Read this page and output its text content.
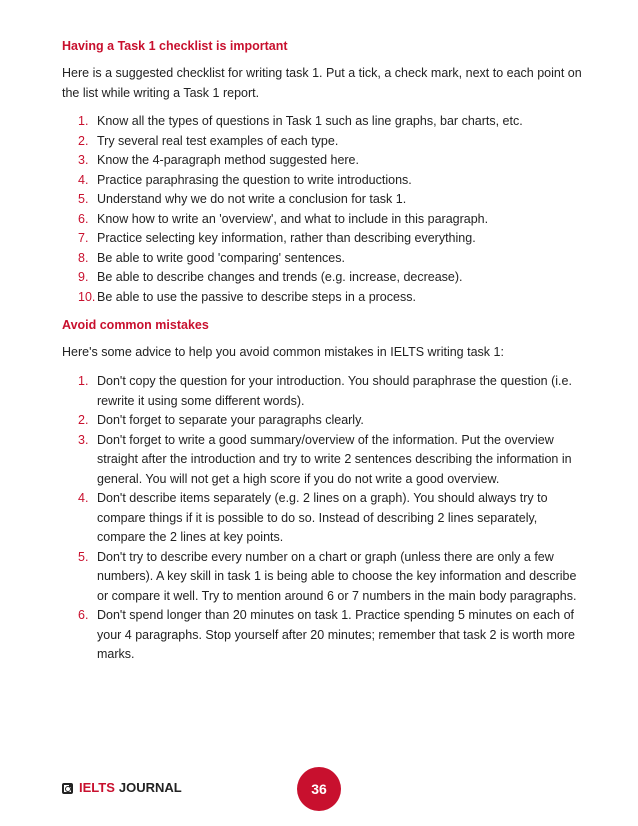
Having a Task 1 checklist is important

Here is a suggested checklist for writing task 1. Put a tick, a check mark, next to each point on the list while writing a Task 1 report.

1. Know all the types of questions in Task 1 such as line graphs, bar charts, etc.
2. Try several real test examples of each type.
3. Know the 4-paragraph method suggested here.
4. Practice paraphrasing the question to write introductions.
5. Understand why we do not write a conclusion for task 1.
6. Know how to write an 'overview', and what to include in this paragraph.
7. Practice selecting key information, rather than describing everything.
8. Be able to write good 'comparing' sentences.
9. Be able to describe changes and trends (e.g. increase, decrease).
10. Be able to use the passive to describe steps in a process.
Avoid common mistakes

Here's some advice to help you avoid common mistakes in IELTS writing task 1:

1. Don't copy the question for your introduction. You should paraphrase the question (i.e. rewrite it using some different words).
2. Don't forget to separate your paragraphs clearly.
3. Don't forget to write a good summary/overview of the information. Put the overview straight after the introduction and try to write 2 sentences describing the information in general. You will not get a high score if you do not write a good overview.
4. Don't describe items separately (e.g. 2 lines on a graph). You should always try to compare things if it is possible to do so. Instead of describing 2 lines separately, compare the 2 lines at key points.
5. Don't try to describe every number on a chart or graph (unless there are only a few numbers). A key skill in task 1 is being able to choose the key information and describe or compare it well. Try to mention around 6 or 7 numbers in the main body paragraphs.
6. Don't spend longer than 20 minutes on task 1. Practice spending 5 minutes on each of your 4 paragraphs. Stop yourself after 20 minutes; remember that task 2 is worth more marks.
IELTS JOURNAL	36
